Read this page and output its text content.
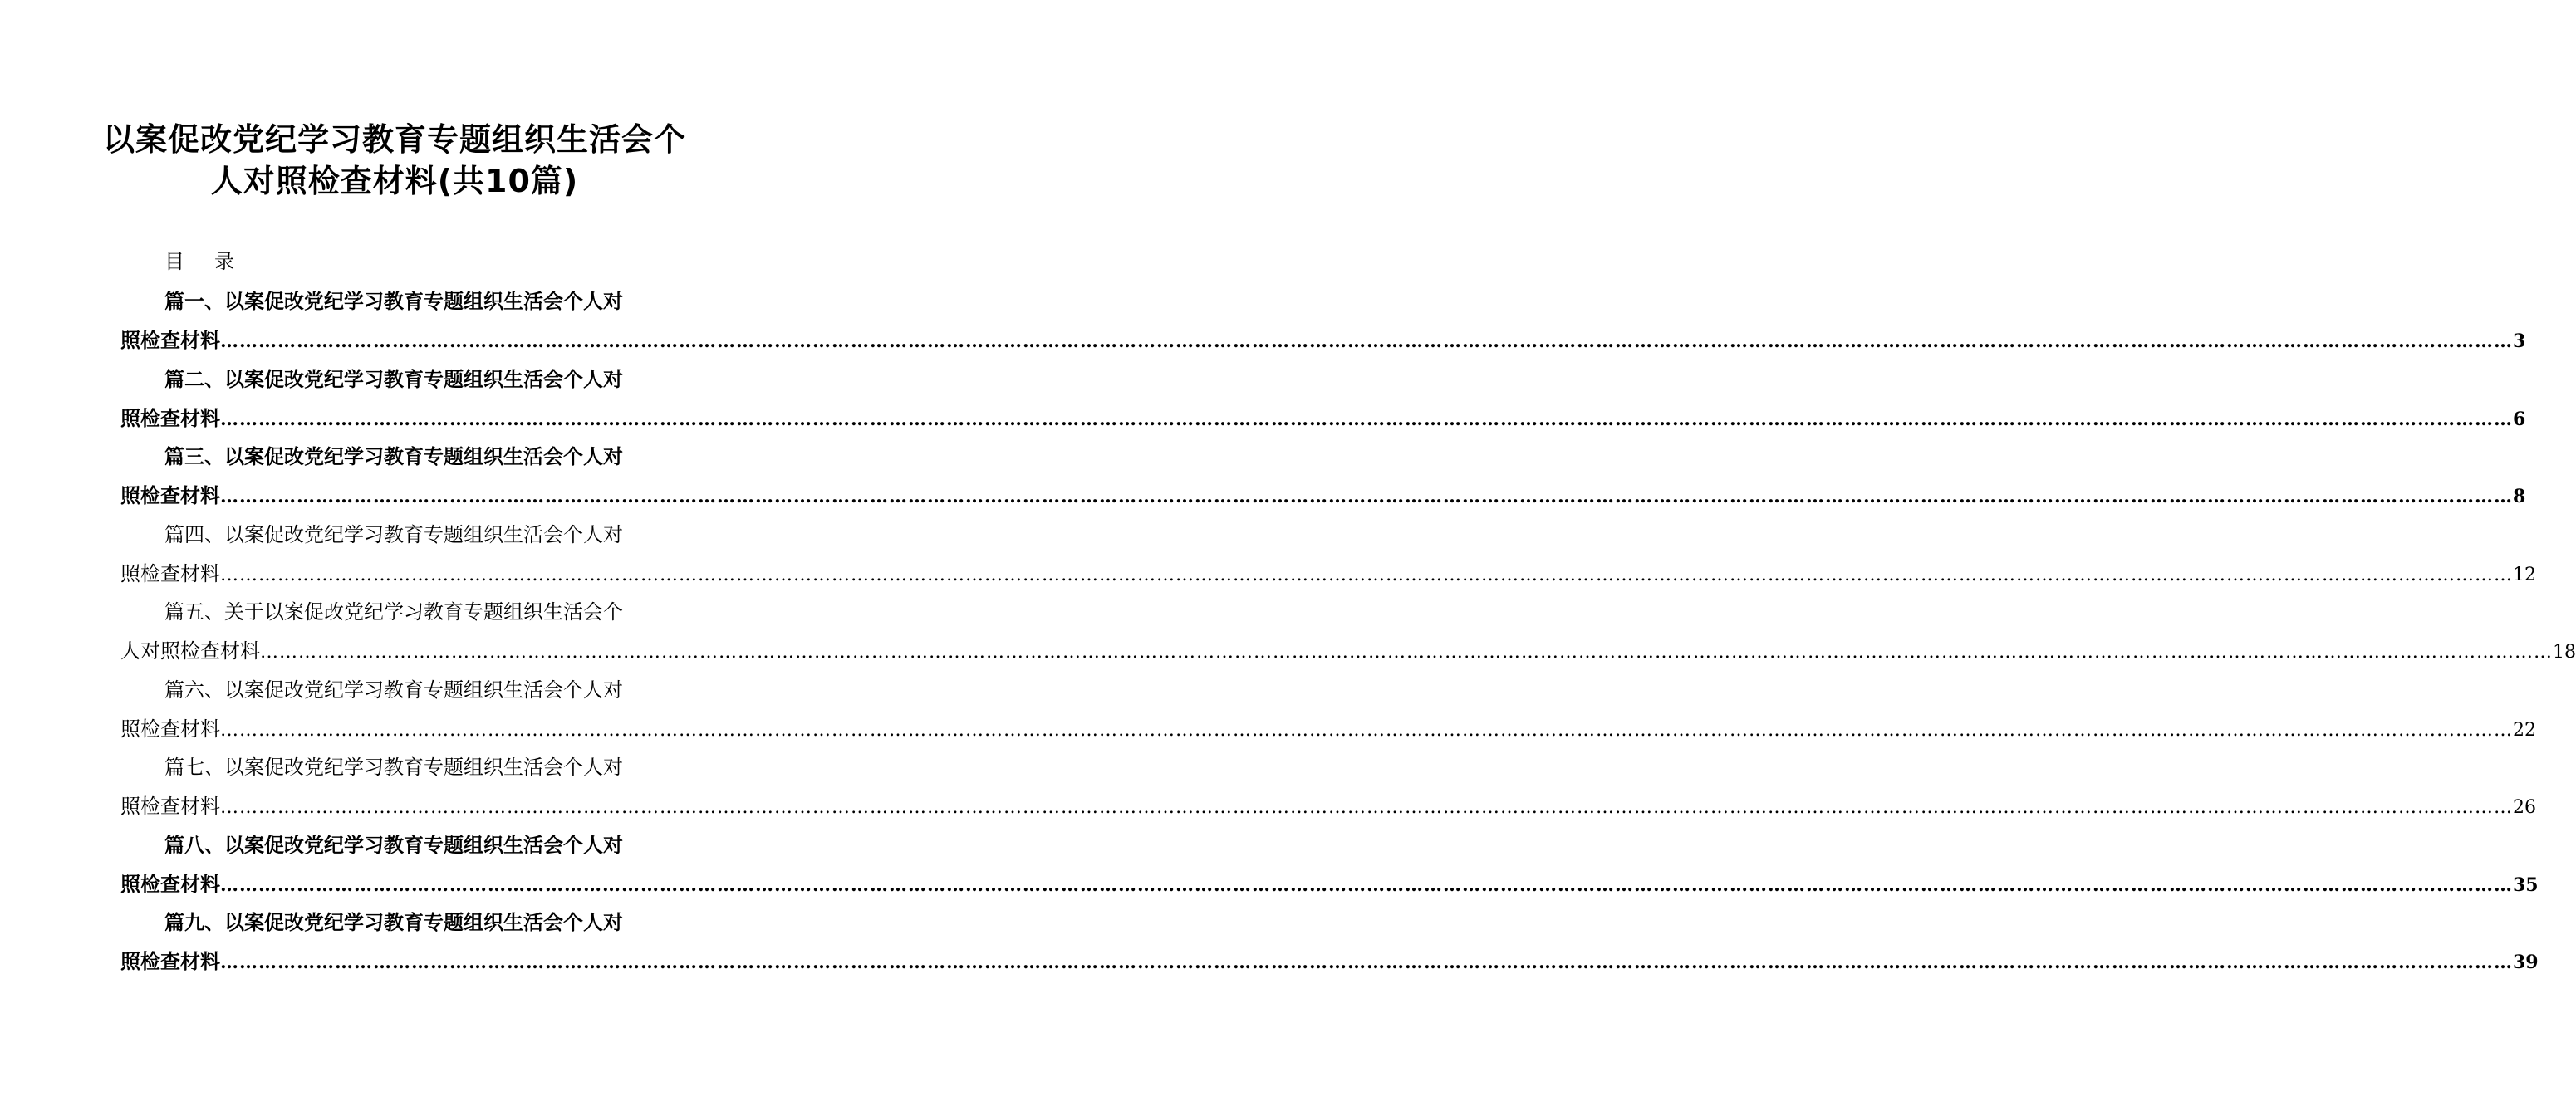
以案促改党纪学习教育专题组织生活会个
人对照检查材料(共10篇)
目 录
篇一、以案促改党纪学习教育专题组织生活会个人对
照检查材料 ……………………………………………………………………………………………………………………………………………………………………………………………………………………………………………………………………………………………………………………………… 3
篇二、以案促改党纪学习教育专题组织生活会个人对
照检查材料 ……………………………………………………………………………………………………………………………………………………………………………………………………………………………………………………………………………………………………………………………… 6
篇三、以案促改党纪学习教育专题组织生活会个人对
照检查材料 ……………………………………………………………………………………………………………………………………………………………………………………………………………………………………………………………………………………………………………………………… 8
篇四、以案促改党纪学习教育专题组织生活会个人对
照检查材料 ……………………………………………………………………………………………………………………………………………………………………………………………………………………………………………………………………………………………………………………………… 12
篇五、关于以案促改党纪学习教育专题组织生活会个
人对照检查材料 ……………………………………………………………………………………………………………………………………………………………………………………………………………………………………………………………………………………………………………………………… 18
篇六、以案促改党纪学习教育专题组织生活会个人对
照检查材料 ……………………………………………………………………………………………………………………………………………………………………………………………………………………………………………………………………………………………………………………………… 22
篇七、以案促改党纪学习教育专题组织生活会个人对
照检查材料 ……………………………………………………………………………………………………………………………………………………………………………………………………………………………………………………………………………………………………………………………… 26
篇八、以案促改党纪学习教育专题组织生活会个人对
照检查材料 ……………………………………………………………………………………………………………………………………………………………………………………………………………………………………………………………………………………………………………………………… 35
篇九、以案促改党纪学习教育专题组织生活会个人对
照检查材料 ……………………………………………………………………………………………………………………………………………………………………………………………………………………………………………………………………………………………………………………………… 39
